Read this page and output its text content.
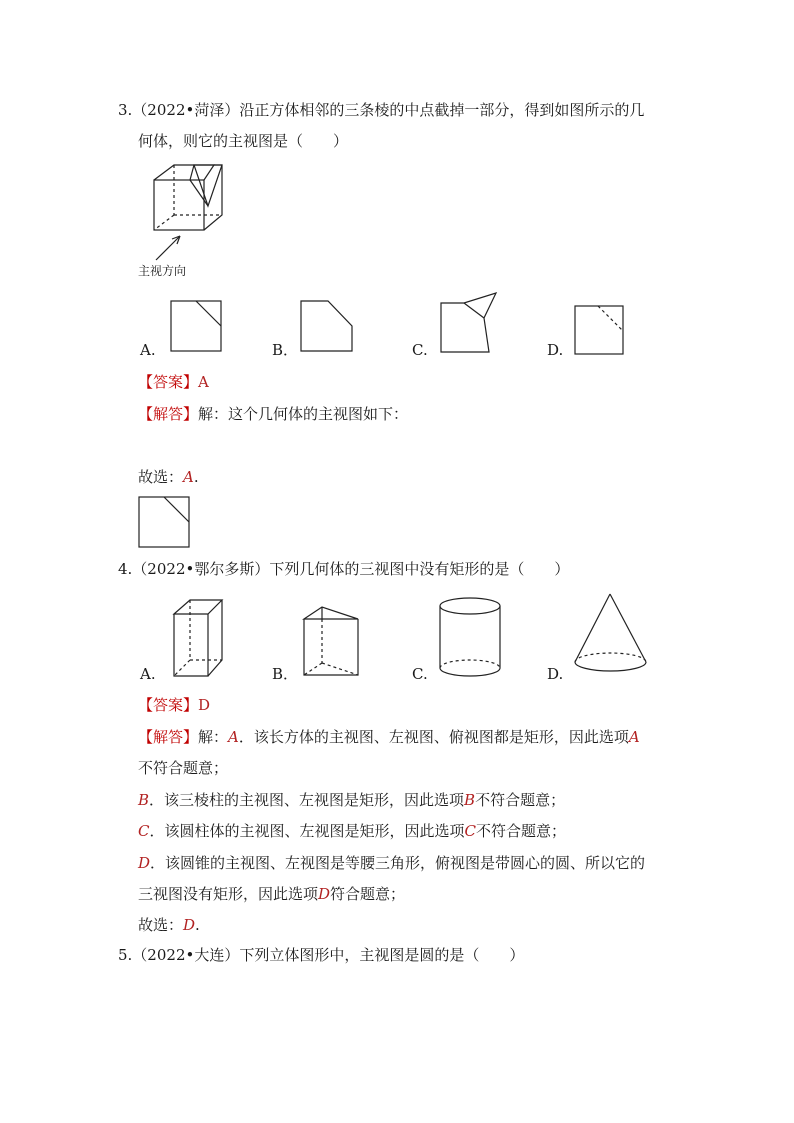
3.（2022•菏泽）沿正方体相邻的三条棱的中点截掉一部分，得到如图所示的几
何体，则它的主视图是（　　）
主视方向
A.	B．	C.	D.
【答案】A
【解答】解：这个几何体的主视图如下：
故选：A.
4.（2022•鄂尔多斯）下列几何体的三视图中没有矩形的是（　　）
A.	B．	C.	D.
【答案】D
【解答】解：A．该长方体的主视图、左视图、俯视图都是矩形，因此选项A
不符合题意；
B．该三棱柱的主视图、左视图是矩形，因此选项B不符合题意；
C．该圆柱体的主视图、左视图是矩形，因此选项C不符合题意；
D．该圆锥的主视图、左视图是等腰三角形，俯视图是带圆心的圆、所以它的
三视图没有矩形，因此选项D符合题意；
故选：D.
5.（2022•大连）下列立体图形中，主视图是圆的是（　　）
